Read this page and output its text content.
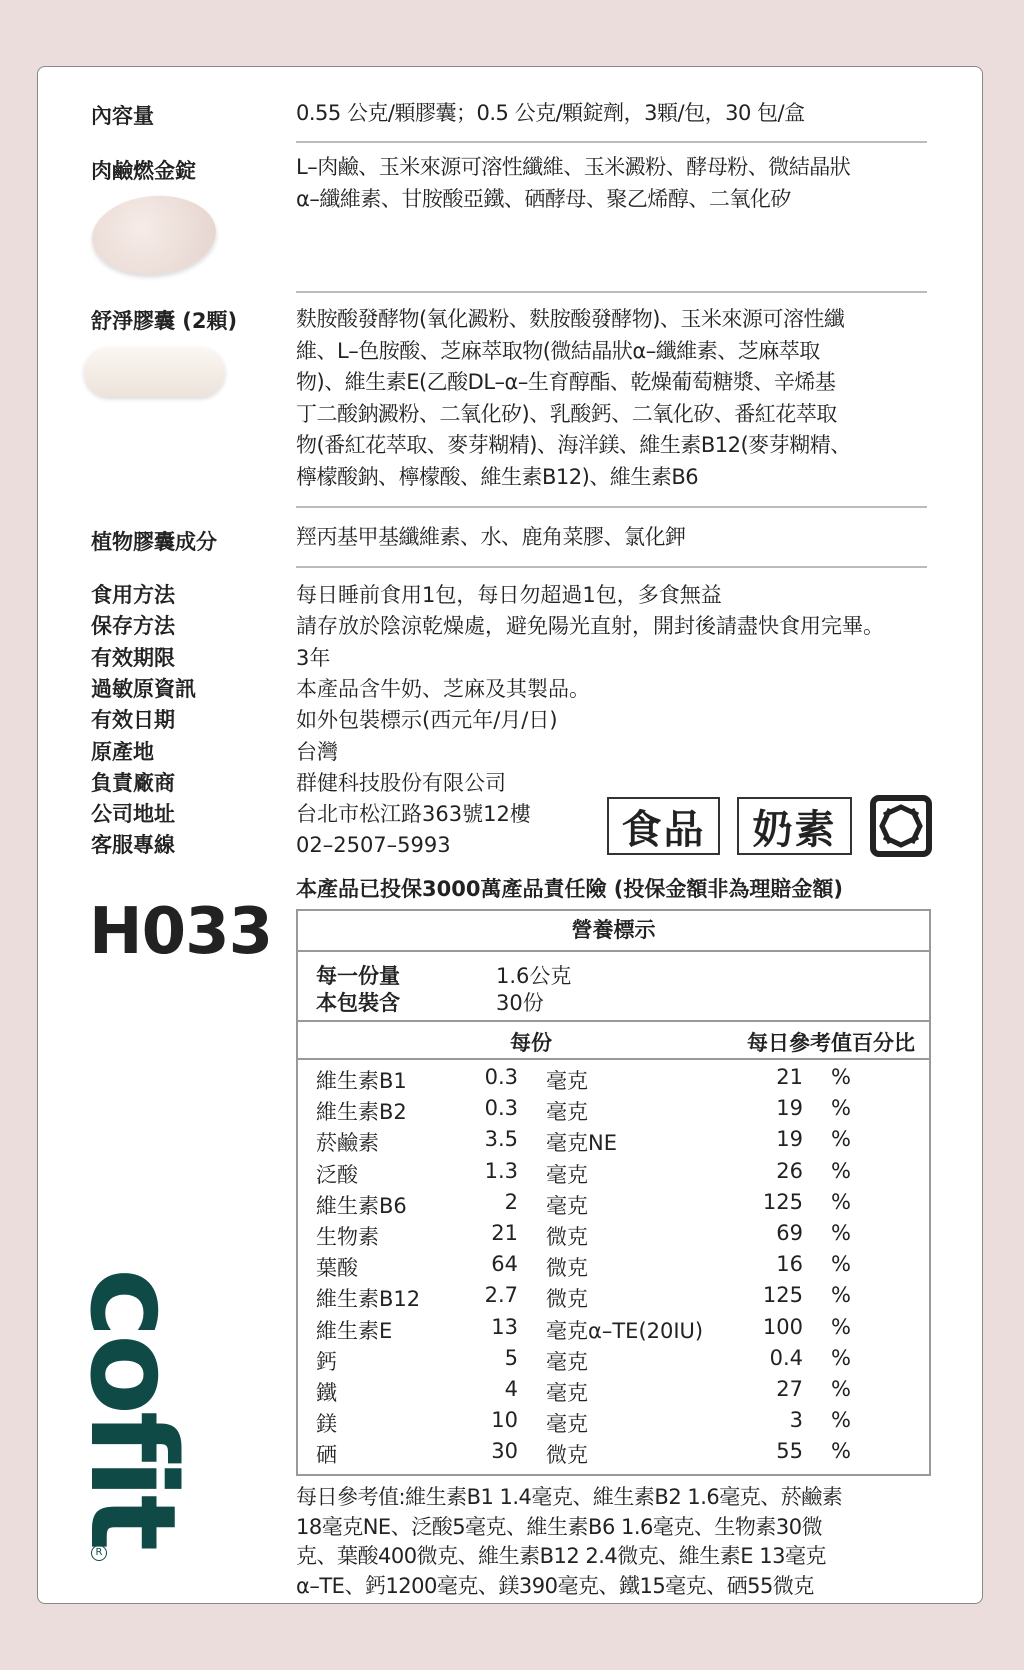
內容量	0.55 公克/顆膠囊；0.5 公克/顆錠劑，3顆/包，30 包/盒
肉鹼燃金錠	L–肉鹼、玉米來源可溶性纖維、玉米澱粉、酵母粉、微結晶狀
α–纖維素、甘胺酸亞鐵、硒酵母、聚乙烯醇、二氧化矽
舒淨膠囊 (2顆)	麩胺酸發酵物(氧化澱粉、麩胺酸發酵物)、玉米來源可溶性纖
維、L–色胺酸、芝麻萃取物(微結晶狀α–纖維素、芝麻萃取
物)、維生素E(乙酸DL–α–生育醇酯、乾燥葡萄糖漿、辛烯基
丁二酸鈉澱粉、二氧化矽)、乳酸鈣、二氧化矽、番紅花萃取
物(番紅花萃取、麥芽糊精)、海洋鎂、維生素B12(麥芽糊精、
檸檬酸鈉、檸檬酸、維生素B12)、維生素B6
植物膠囊成分	羥丙基甲基纖維素、水、鹿角菜膠、氯化鉀
食用方法	每日睡前食用1包，每日勿超過1包，多食無益
保存方法	請存放於陰涼乾燥處，避免陽光直射，開封後請盡快食用完畢。
有效期限	3年
過敏原資訊	本產品含牛奶、芝麻及其製品。
有效日期	如外包裝標示(西元年/月/日)
原產地	台灣
負責廠商	群健科技股份有限公司
公司地址	台北市松江路363號12樓
客服專線	02–2507–5993	食品	奶素
本產品已投保3000萬產品責任險 (投保金額非為理賠金額)
H033
cofit
R
營養標示
每一份量	1.6公克
本包裝含	30份
每份	每日參考值百分比
維生素B1	0.3 毫克	21 %
維生素B2	0.3 毫克	19 %
菸鹼素	3.5 毫克NE	19 %
泛酸	1.3 毫克	26 %
維生素B6	2 毫克	125 %
生物素	21 微克	69 %
葉酸	64 微克	16 %
維生素B12	2.7 微克	125 %
維生素E	13 毫克α–TE(20IU)	100 %
鈣	5 毫克	0.4 %
鐵	4 毫克	27 %
鎂	10 毫克	3 %
硒	30 微克	55 %
每日參考值:維生素B1 1.4毫克、維生素B2 1.6毫克、菸鹼素
18毫克NE、泛酸5毫克、維生素B6 1.6毫克、生物素30微
克、葉酸400微克、維生素B12 2.4微克、維生素E 13毫克
α–TE、鈣1200毫克、鎂390毫克、鐵15毫克、硒55微克
